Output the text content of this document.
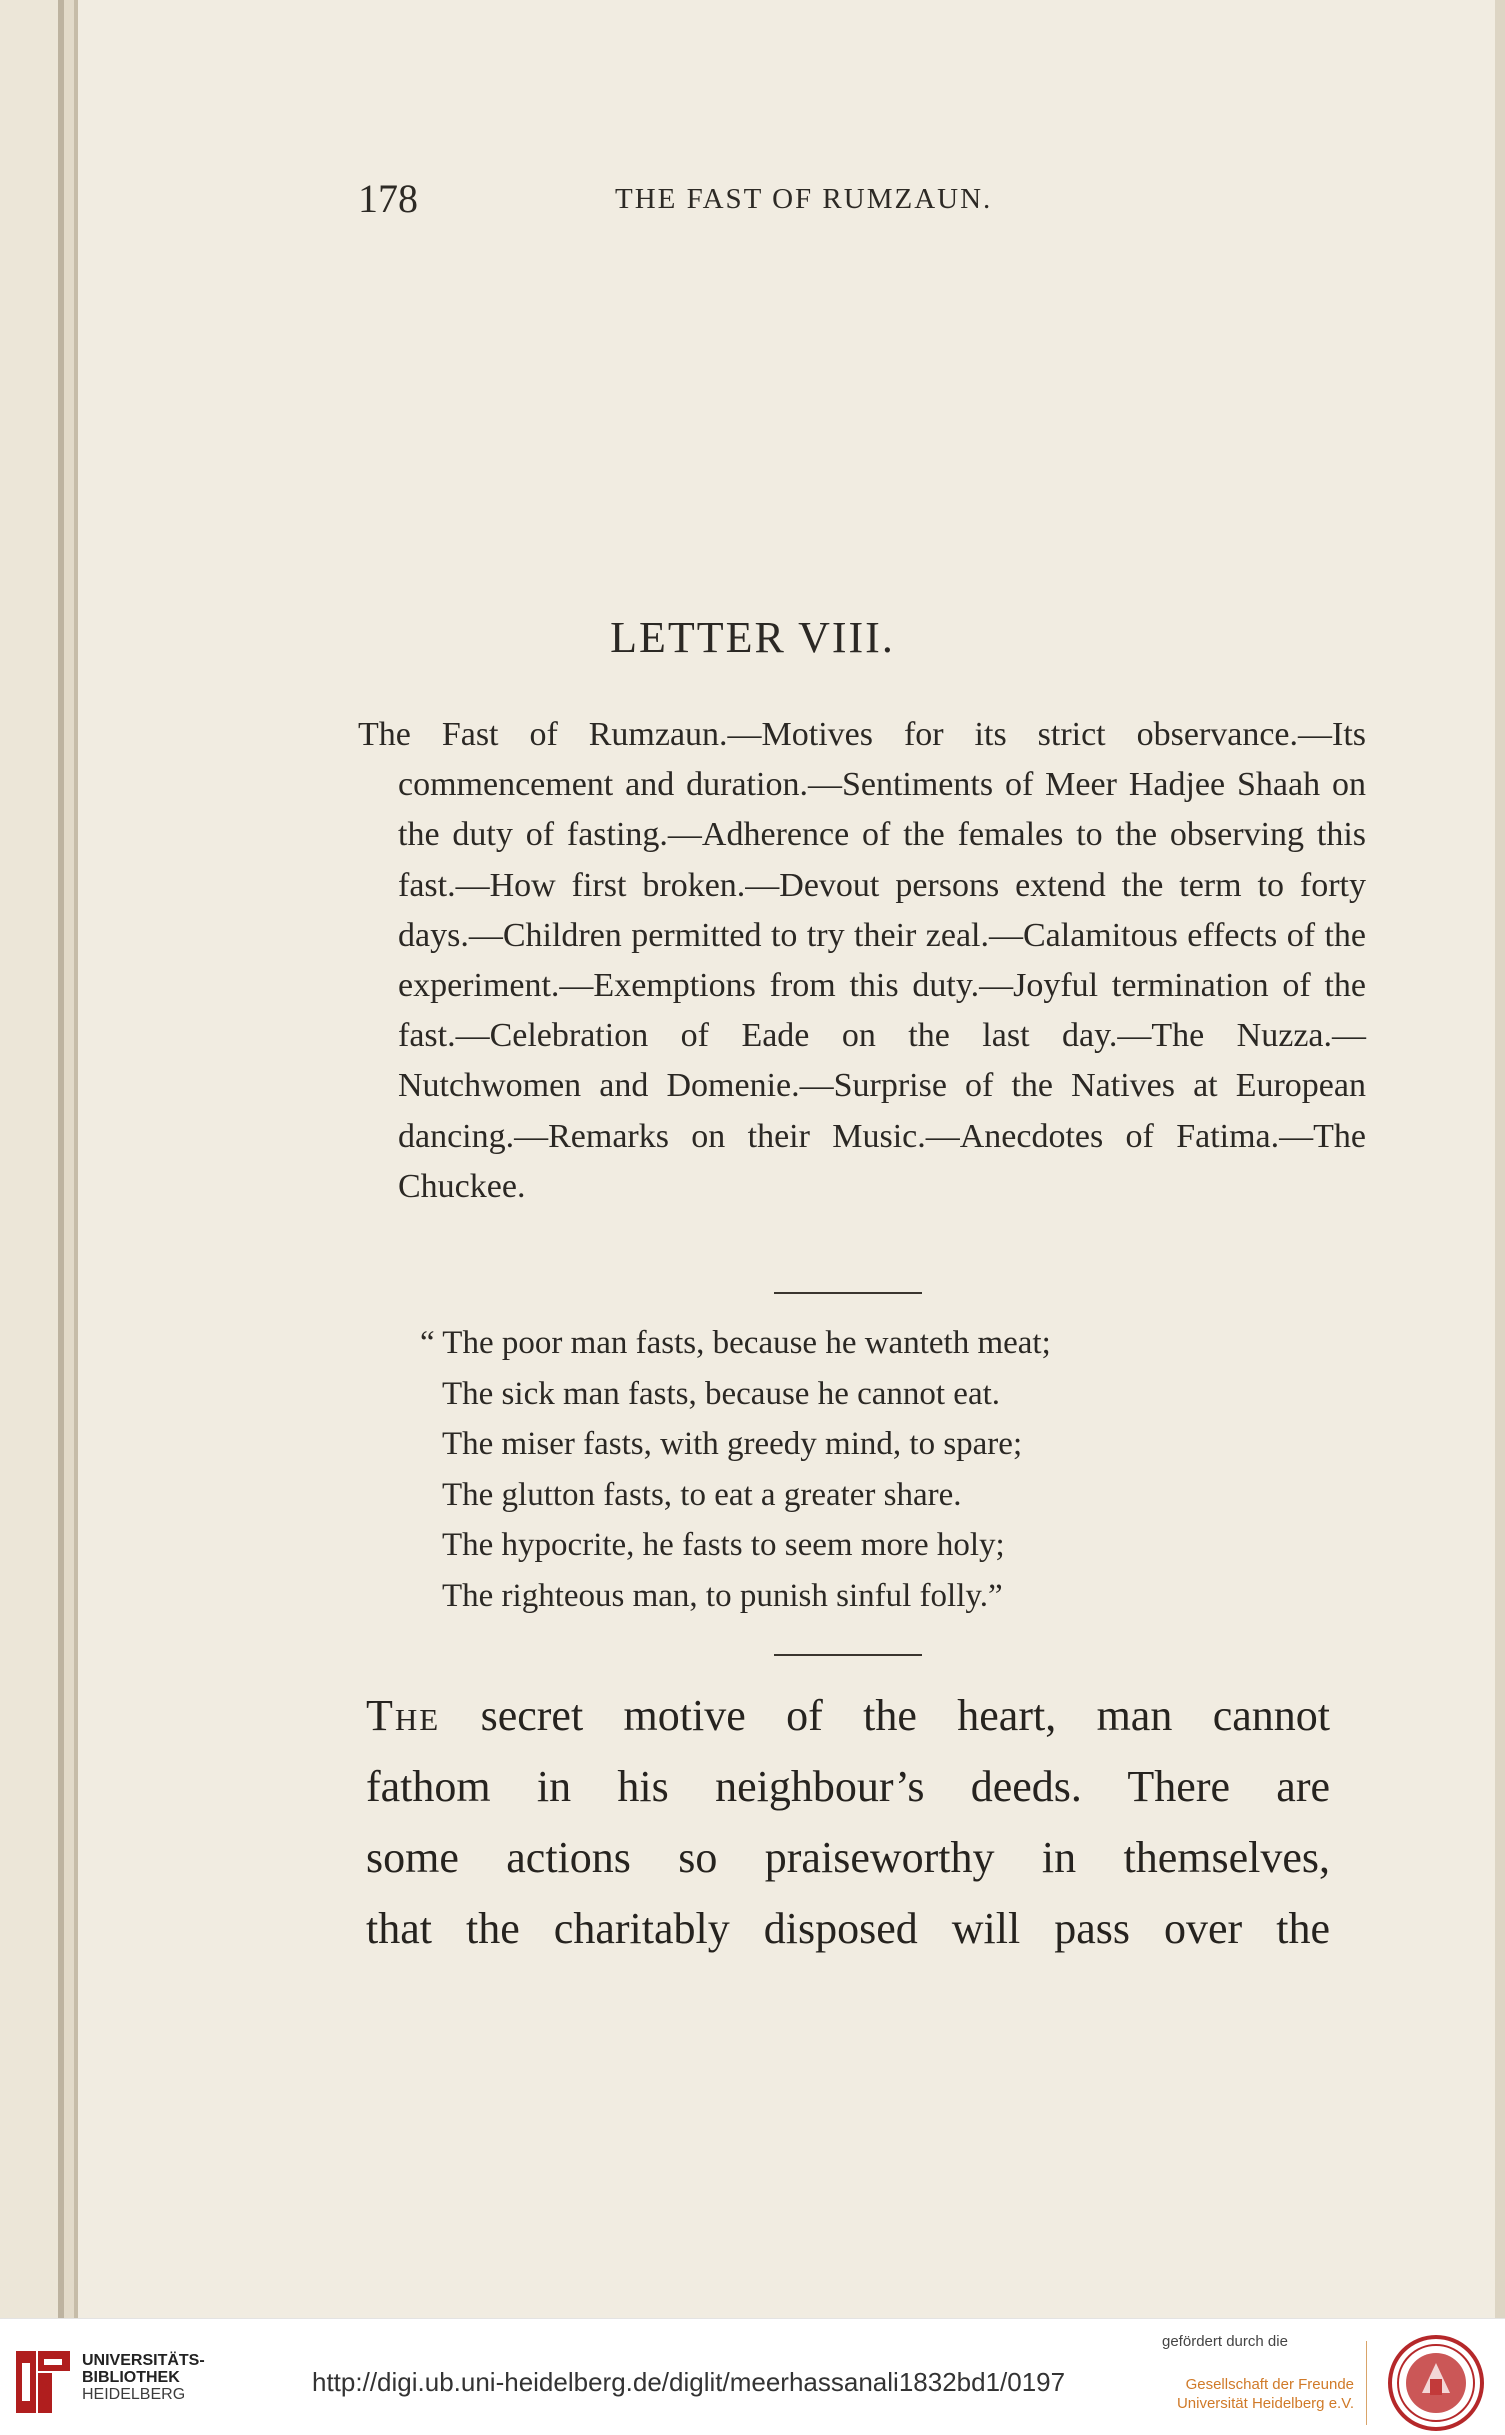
178	THE FAST OF RUMZAUN.
LETTER VIII.
The Fast of Rumzaun.—Motives for its strict observance.—Its commencement and duration.—Sentiments of Meer Hadjee Shaah on the duty of fasting.—Adherence of the females to the observing this fast.—How first broken.—Devout persons extend the term to forty days.—Children permitted to try their zeal.—Calamitous effects of the experiment.—Exemptions from this duty.—Joyful termination of the fast.—Celebration of Eade on the last day.—The Nuzza.—Nutchwomen and Domenie.—Surprise of the Natives at European dancing.—Remarks on their Music.—Anecdotes of Fatima.—The Chuckee.
“ The poor man fasts, because he wanteth meat;
The sick man fasts, because he cannot eat.
The miser fasts, with greedy mind, to spare;
The glutton fasts, to eat a greater share.
The hypocrite, he fasts to seem more holy;
The righteous man, to punish sinful folly.”
The secret motive of the heart, man cannot
fathom in his neighbour’s deeds. There are
some actions so praiseworthy in themselves,
that the charitably disposed will pass over the
UNIVERSITÄTS-
BIBLIOTHEK
HEIDELBERG	http://digi.ub.uni-heidelberg.de/diglit/meerhassanali1832bd1/0197
gefördert durch die
Gesellschaft der Freunde
Universität Heidelberg e.V.
